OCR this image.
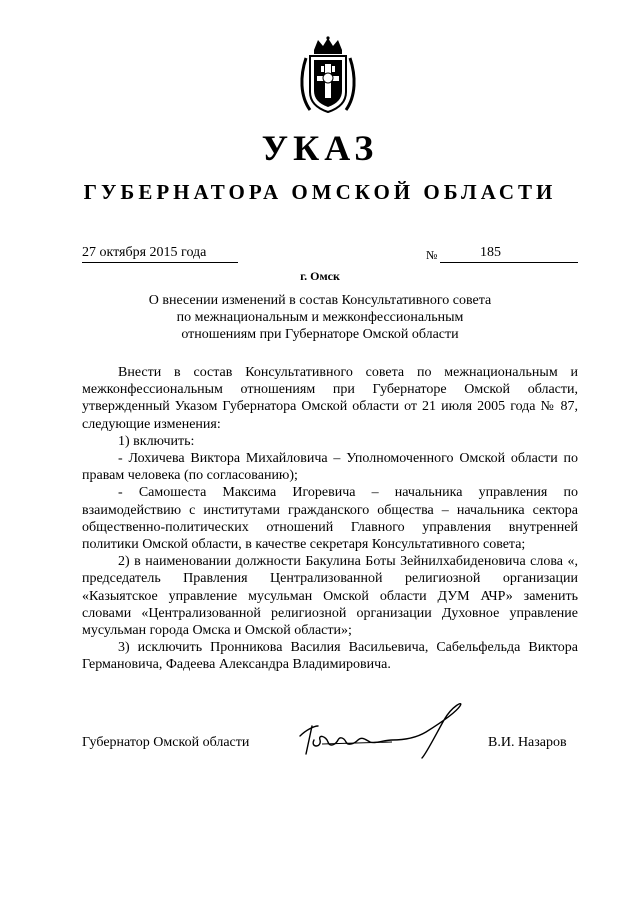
УКАЗ
ГУБЕРНАТОРА ОМСКОЙ ОБЛАСТИ
27 октября 2015 года	№	185
г. Омск
О внесении изменений в состав Консультативного совета
по межнациональным и межконфессиональным
отношениям при Губернаторе Омской области

Внести в состав Консультативного совета по межнациональным и межконфессиональным отношениям при Губернаторе Омской области, утвержденный Указом Губернатора Омской области от 21 июля 2005 года № 87, следующие изменения:

1) включить:

- Лохичева Виктора Михайловича – Уполномоченного Омской области по правам человека (по согласованию);

- Самошеста Максима Игоревича – начальника управления по взаимодействию с институтами гражданского общества – начальника сектора общественно-политических отношений Главного управления внутренней политики Омской области, в качестве секретаря Консультативного совета;

2) в наименовании должности Бакулина Боты Зейнилхабиденовича слова «, председатель Правления Централизованной религиозной организации «Казыятское управление мусульман Омской области ДУМ АЧР» заменить словами «Централизованной религиозной организации Духовное управление мусульман города Омска и Омской области»;

3) исключить Пронникова Василия Васильевича, Сабельфельда Виктора Германовича, Фадеева Александра Владимировича.

Губернатор Омской области	В.И. Назаров
